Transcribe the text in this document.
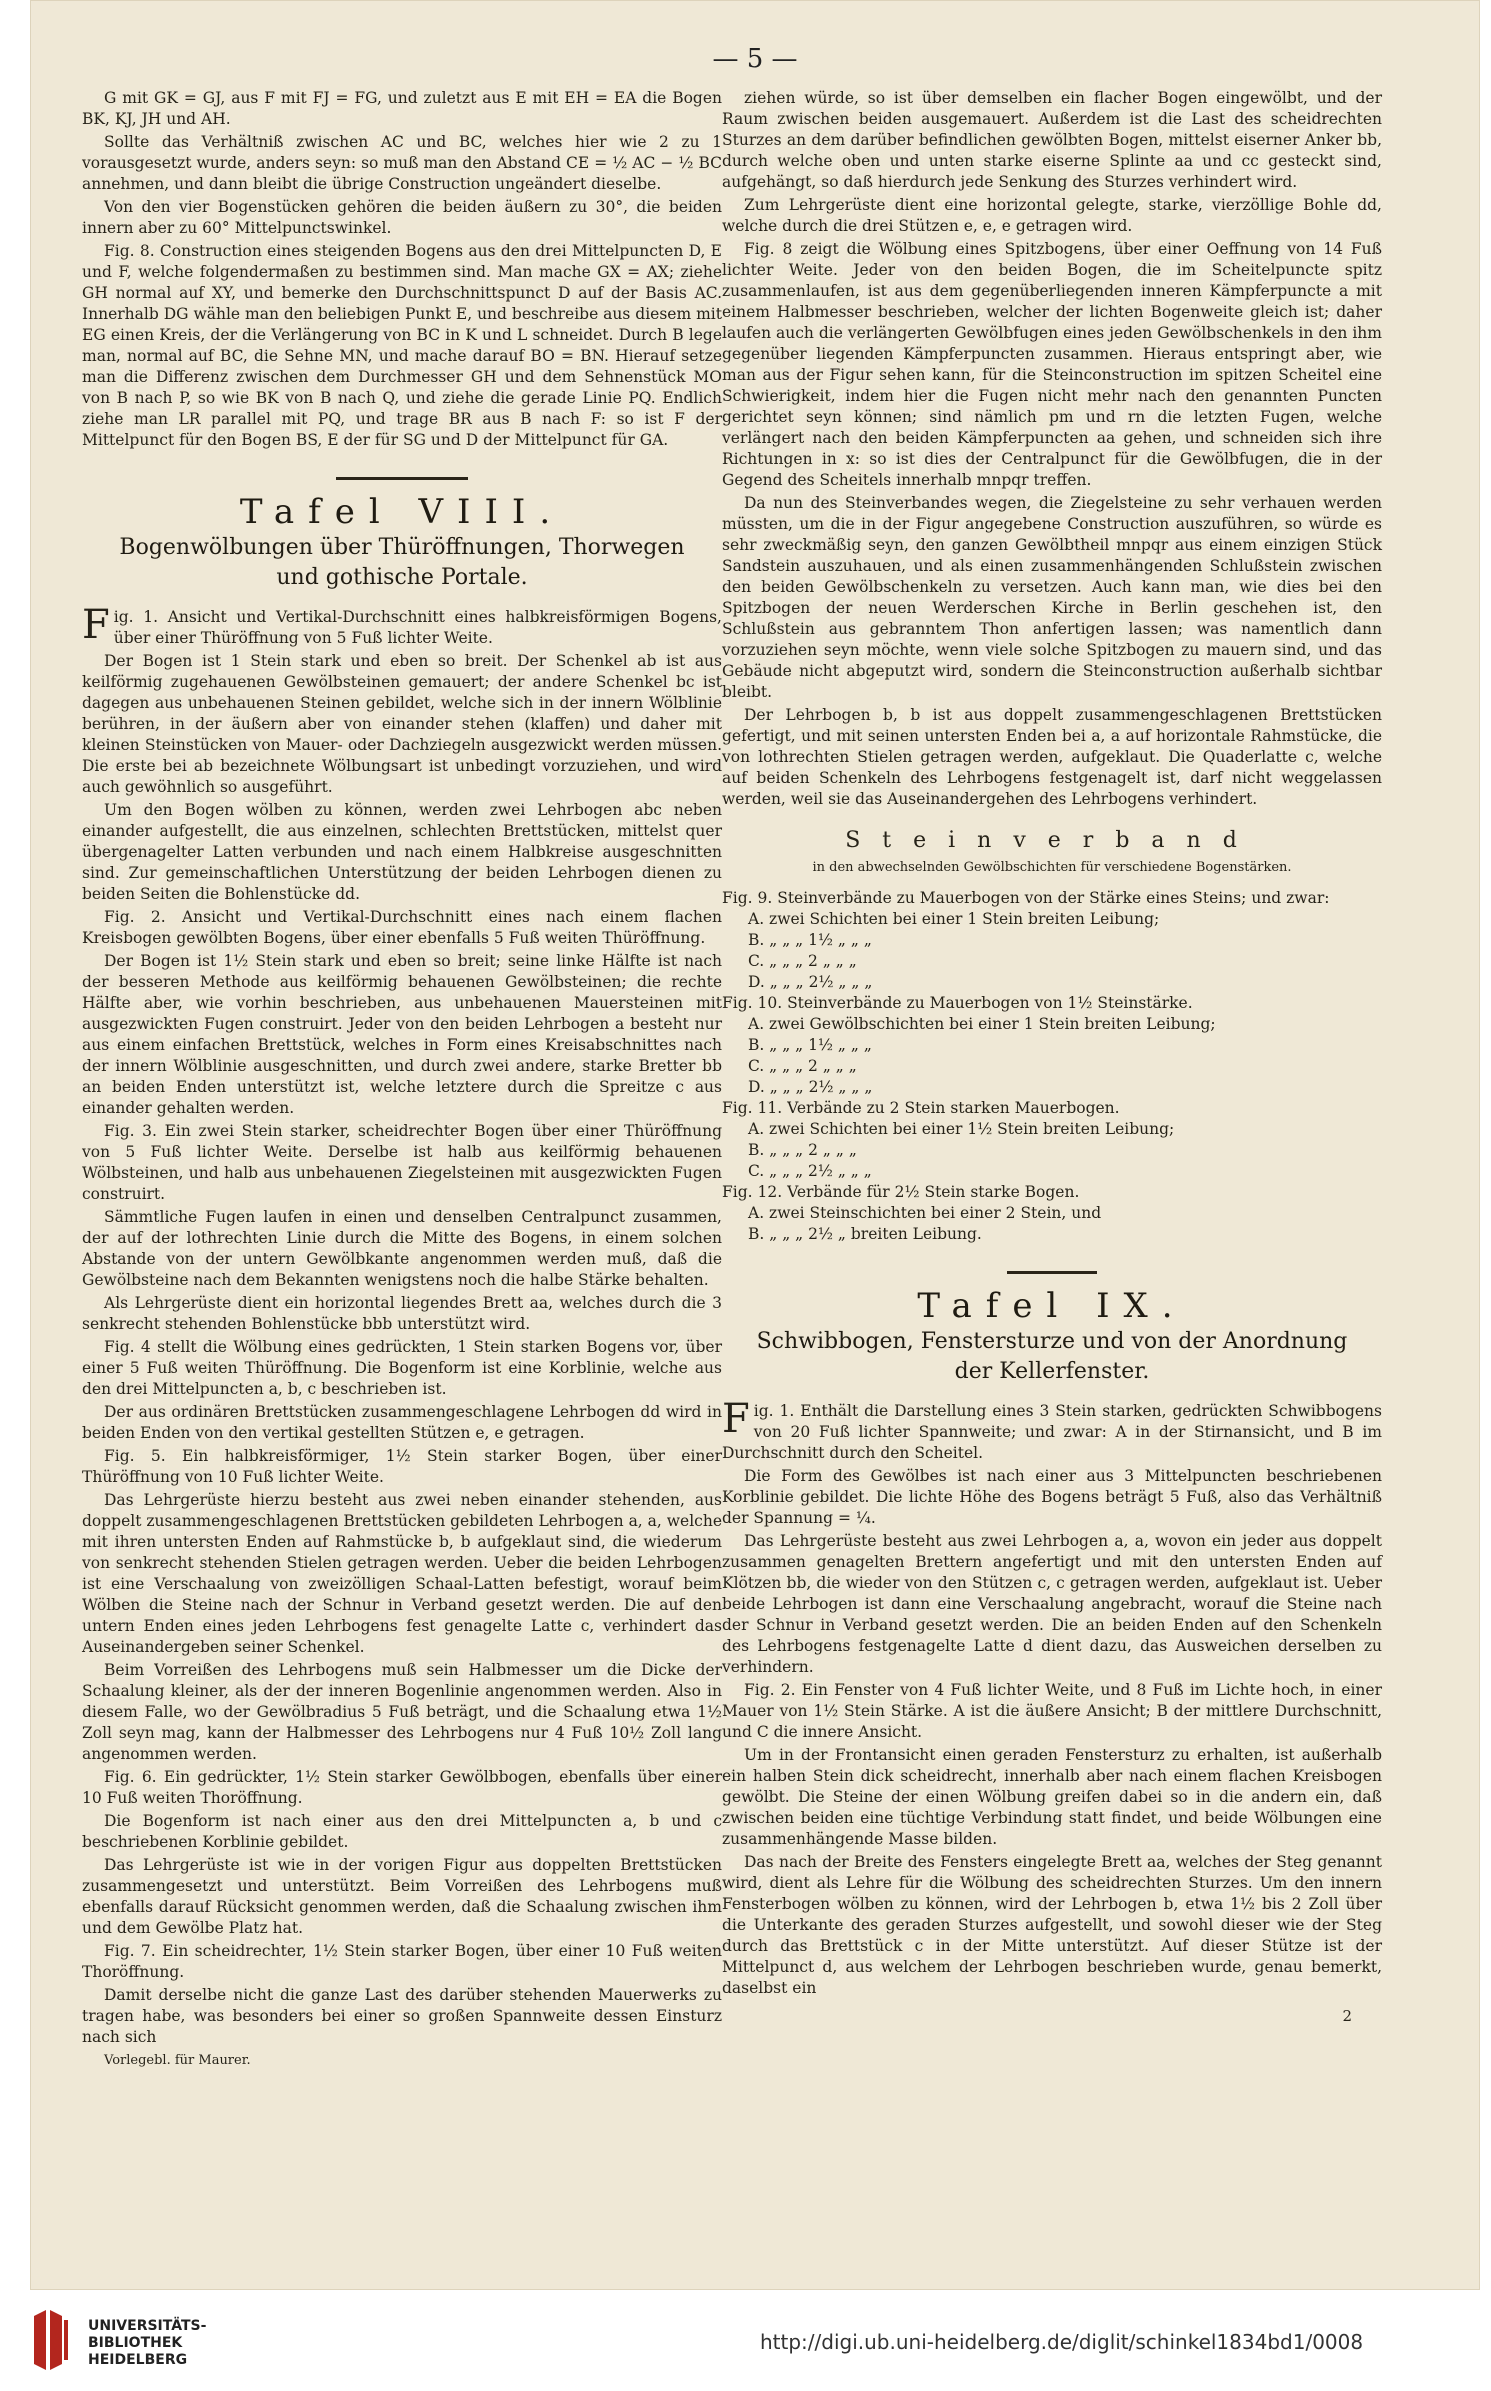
— 5 —

G mit GK = GJ, aus F mit FJ = FG, und zuletzt aus E mit EH = EA die Bogen BK, KJ, JH und AH.

Sollte das Verhältniß zwischen AC und BC, welches hier wie 2 zu 1 vorausgesetzt wurde, anders seyn: so muß man den Abstand CE = ½ AC − ½ BC annehmen, und dann bleibt die übrige Construction ungeändert dieselbe.

Von den vier Bogenstücken gehören die beiden äußern zu 30°, die beiden innern aber zu 60° Mittelpunctswinkel.

Fig. 8. Construction eines steigenden Bogens aus den drei Mittelpuncten D, E und F, welche folgendermaßen zu bestimmen sind. Man mache GX = AX; ziehe GH normal auf XY, und bemerke den Durchschnittspunct D auf der Basis AC. Innerhalb DG wähle man den beliebigen Punkt E, und beschreibe aus diesem mit EG einen Kreis, der die Verlängerung von BC in K und L schneidet. Durch B lege man, normal auf BC, die Sehne MN, und mache darauf BO = BN. Hierauf setze man die Differenz zwischen dem Durchmesser GH und dem Sehnenstück MO von B nach P, so wie BK von B nach Q, und ziehe die gerade Linie PQ. Endlich ziehe man LR parallel mit PQ, und trage BR aus B nach F: so ist F der Mittelpunct für den Bogen BS, E der für SG und D der Mittelpunct für GA.

Tafel VIII.
Bogenwölbungen über Thüröffnungen, Thorwegen und gothische Portale.

Fig. 1. Ansicht und Vertikal-Durchschnitt eines halbkreisförmigen Bogens, über einer Thüröffnung von 5 Fuß lichter Weite.

Der Bogen ist 1 Stein stark und eben so breit. Der Schenkel ab ist aus keilförmig zugehauenen Gewölbsteinen gemauert; der andere Schenkel bc ist dagegen aus unbehauenen Steinen gebildet, welche sich in der innern Wölblinie berühren, in der äußern aber von einander stehen (klaffen) und daher mit kleinen Steinstücken von Mauer- oder Dachziegeln ausgezwickt werden müssen. Die erste bei ab bezeichnete Wölbungsart ist unbedingt vorzuziehen, und wird auch gewöhnlich so ausgeführt.

Um den Bogen wölben zu können, werden zwei Lehrbogen abc neben einander aufgestellt, die aus einzelnen, schlechten Brettstücken, mittelst quer übergenagelter Latten verbunden und nach einem Halbkreise ausgeschnitten sind. Zur gemeinschaftlichen Unterstützung der beiden Lehrbogen dienen zu beiden Seiten die Bohlenstücke dd.

Fig. 2. Ansicht und Vertikal-Durchschnitt eines nach einem flachen Kreisbogen gewölbten Bogens, über einer ebenfalls 5 Fuß weiten Thüröffnung.

Der Bogen ist 1½ Stein stark und eben so breit; seine linke Hälfte ist nach der besseren Methode aus keilförmig behauenen Gewölbsteinen; die rechte Hälfte aber, wie vorhin beschrieben, aus unbehauenen Mauersteinen mit ausgezwickten Fugen construirt. Jeder von den beiden Lehrbogen a besteht nur aus einem einfachen Brettstück, welches in Form eines Kreisabschnittes nach der innern Wölblinie ausgeschnitten, und durch zwei andere, starke Bretter bb an beiden Enden unterstützt ist, welche letztere durch die Spreitze c aus einander gehalten werden.

Fig. 3. Ein zwei Stein starker, scheidrechter Bogen über einer Thüröffnung von 5 Fuß lichter Weite. Derselbe ist halb aus keilförmig behauenen Wölbsteinen, und halb aus unbehauenen Ziegelsteinen mit ausgezwickten Fugen construirt.

Sämmtliche Fugen laufen in einen und denselben Centralpunct zusammen, der auf der lothrechten Linie durch die Mitte des Bogens, in einem solchen Abstande von der untern Gewölbkante angenommen werden muß, daß die Gewölbsteine nach dem Bekannten wenigstens noch die halbe Stärke behalten.

Als Lehrgerüste dient ein horizontal liegendes Brett aa, welches durch die 3 senkrecht stehenden Bohlenstücke bbb unterstützt wird.

Fig. 4 stellt die Wölbung eines gedrückten, 1 Stein starken Bogens vor, über einer 5 Fuß weiten Thüröffnung. Die Bogenform ist eine Korblinie, welche aus den drei Mittelpuncten a, b, c beschrieben ist.

Der aus ordinären Brettstücken zusammengeschlagene Lehrbogen dd wird in beiden Enden von den vertikal gestellten Stützen e, e getragen.

Fig. 5. Ein halbkreisförmiger, 1½ Stein starker Bogen, über einer Thüröffnung von 10 Fuß lichter Weite.

Das Lehrgerüste hierzu besteht aus zwei neben einander stehenden, aus doppelt zusammengeschlagenen Brettstücken gebildeten Lehrbogen a, a, welche mit ihren untersten Enden auf Rahmstücke b, b aufgeklaut sind, die wiederum von senkrecht stehenden Stielen getragen werden. Ueber die beiden Lehrbogen ist eine Verschaalung von zweizölligen Schaal-Latten befestigt, worauf beim Wölben die Steine nach der Schnur in Verband gesetzt werden. Die auf den untern Enden eines jeden Lehrbogens fest genagelte Latte c, verhindert das Auseinandergeben seiner Schenkel.

Beim Vorreißen des Lehrbogens muß sein Halbmesser um die Dicke der Schaalung kleiner, als der der inneren Bogenlinie angenommen werden. Also in diesem Falle, wo der Gewölbradius 5 Fuß beträgt, und die Schaalung etwa 1½ Zoll seyn mag, kann der Halbmesser des Lehrbogens nur 4 Fuß 10½ Zoll lang angenommen werden.

Fig. 6. Ein gedrückter, 1½ Stein starker Gewölbbogen, ebenfalls über einer 10 Fuß weiten Thoröffnung.

Die Bogenform ist nach einer aus den drei Mittelpuncten a, b und c beschriebenen Korblinie gebildet.

Das Lehrgerüste ist wie in der vorigen Figur aus doppelten Brettstücken zusammengesetzt und unterstützt. Beim Vorreißen des Lehrbogens muß ebenfalls darauf Rücksicht genommen werden, daß die Schaalung zwischen ihm und dem Gewölbe Platz hat.

Fig. 7. Ein scheidrechter, 1½ Stein starker Bogen, über einer 10 Fuß weiten Thoröffnung.

Damit derselbe nicht die ganze Last des darüber stehenden Mauerwerks zu tragen habe, was besonders bei einer so großen Spannweite dessen Einsturz nach sich

Vorlegebl. für Maurer.

ziehen würde, so ist über demselben ein flacher Bogen eingewölbt, und der Raum zwischen beiden ausgemauert. Außerdem ist die Last des scheidrechten Sturzes an dem darüber befindlichen gewölbten Bogen, mittelst eiserner Anker bb, durch welche oben und unten starke eiserne Splinte aa und cc gesteckt sind, aufgehängt, so daß hierdurch jede Senkung des Sturzes verhindert wird.

Zum Lehrgerüste dient eine horizontal gelegte, starke, vierzöllige Bohle dd, welche durch die drei Stützen e, e, e getragen wird.

Fig. 8 zeigt die Wölbung eines Spitzbogens, über einer Oeffnung von 14 Fuß lichter Weite. Jeder von den beiden Bogen, die im Scheitelpuncte spitz zusammenlaufen, ist aus dem gegenüberliegenden inneren Kämpferpuncte a mit einem Halbmesser beschrieben, welcher der lichten Bogenweite gleich ist; daher laufen auch die verlängerten Gewölbfugen eines jeden Gewölbschenkels in den ihm gegenüber liegenden Kämpferpuncten zusammen. Hieraus entspringt aber, wie man aus der Figur sehen kann, für die Steinconstruction im spitzen Scheitel eine Schwierigkeit, indem hier die Fugen nicht mehr nach den genannten Puncten gerichtet seyn können; sind nämlich pm und rn die letzten Fugen, welche verlängert nach den beiden Kämpferpuncten aa gehen, und schneiden sich ihre Richtungen in x: so ist dies der Centralpunct für die Gewölbfugen, die in der Gegend des Scheitels innerhalb mnpqr treffen.

Da nun des Steinverbandes wegen, die Ziegelsteine zu sehr verhauen werden müssten, um die in der Figur angegebene Construction auszuführen, so würde es sehr zweckmäßig seyn, den ganzen Gewölbtheil mnpqr aus einem einzigen Stück Sandstein auszuhauen, und als einen zusammenhängenden Schlußstein zwischen den beiden Gewölbschenkeln zu versetzen. Auch kann man, wie dies bei den Spitzbogen der neuen Werderschen Kirche in Berlin geschehen ist, den Schlußstein aus gebranntem Thon anfertigen lassen; was namentlich dann vorzuziehen seyn möchte, wenn viele solche Spitzbogen zu mauern sind, und das Gebäude nicht abgeputzt wird, sondern die Steinconstruction außerhalb sichtbar bleibt.

Der Lehrbogen b, b ist aus doppelt zusammengeschlagenen Brettstücken gefertigt, und mit seinen untersten Enden bei a, a auf horizontale Rahmstücke, die von lothrechten Stielen getragen werden, aufgeklaut. Die Quaderlatte c, welche auf beiden Schenkeln des Lehrbogens festgenagelt ist, darf nicht weggelassen werden, weil sie das Auseinandergehen des Lehrbogens verhindert.

Steinverband
in den abwechselnden Gewölbschichten für verschiedene Bogenstärken.

Fig. 9. Steinverbände zu Mauerbogen von der Stärke eines Steins; und zwar:

A. zwei Schichten bei einer 1 Stein breiten Leibung;

B. „ „ „ 1½ „ „ „

C. „ „ „ 2 „ „ „

D. „ „ „ 2½ „ „ „

Fig. 10. Steinverbände zu Mauerbogen von 1½ Steinstärke.

A. zwei Gewölbschichten bei einer 1 Stein breiten Leibung;

B. „ „ „ 1½ „ „ „

C. „ „ „ 2 „ „ „

D. „ „ „ 2½ „ „ „

Fig. 11. Verbände zu 2 Stein starken Mauerbogen.

A. zwei Schichten bei einer 1½ Stein breiten Leibung;

B. „ „ „ 2 „ „ „

C. „ „ „ 2½ „ „ „

Fig. 12. Verbände für 2½ Stein starke Bogen.

A. zwei Steinschichten bei einer 2 Stein, und

B. „ „ „ 2½ „ breiten Leibung.

Tafel IX.
Schwibbogen, Fenstersturze und von der Anordnung der Kellerfenster.

Fig. 1. Enthält die Darstellung eines 3 Stein starken, gedrückten Schwibbogens von 20 Fuß lichter Spannweite; und zwar: A in der Stirnansicht, und B im Durchschnitt durch den Scheitel.

Die Form des Gewölbes ist nach einer aus 3 Mittelpuncten beschriebenen Korblinie gebildet. Die lichte Höhe des Bogens beträgt 5 Fuß, also das Verhältniß der Spannung = ¼.

Das Lehrgerüste besteht aus zwei Lehrbogen a, a, wovon ein jeder aus doppelt zusammen genagelten Brettern angefertigt und mit den untersten Enden auf Klötzen bb, die wieder von den Stützen c, c getragen werden, aufgeklaut ist. Ueber beide Lehrbogen ist dann eine Verschaalung angebracht, worauf die Steine nach der Schnur in Verband gesetzt werden. Die an beiden Enden auf den Schenkeln des Lehrbogens festgenagelte Latte d dient dazu, das Ausweichen derselben zu verhindern.

Fig. 2. Ein Fenster von 4 Fuß lichter Weite, und 8 Fuß im Lichte hoch, in einer Mauer von 1½ Stein Stärke. A ist die äußere Ansicht; B der mittlere Durchschnitt, und C die innere Ansicht.

Um in der Frontansicht einen geraden Fenstersturz zu erhalten, ist außerhalb ein halben Stein dick scheidrecht, innerhalb aber nach einem flachen Kreisbogen gewölbt. Die Steine der einen Wölbung greifen dabei so in die andern ein, daß zwischen beiden eine tüchtige Verbindung statt findet, und beide Wölbungen eine zusammenhängende Masse bilden.

Das nach der Breite des Fensters eingelegte Brett aa, welches der Steg genannt wird, dient als Lehre für die Wölbung des scheidrechten Sturzes. Um den innern Fensterbogen wölben zu können, wird der Lehrbogen b, etwa 1½ bis 2 Zoll über die Unterkante des geraden Sturzes aufgestellt, und sowohl dieser wie der Steg durch das Brettstück c in der Mitte unterstützt. Auf dieser Stütze ist der Mittelpunct d, aus welchem der Lehrbogen beschrieben wurde, genau bemerkt, daselbst ein

2
UNIVERSITÄTS-
BIBLIOTHEK
HEIDELBERG
http://digi.ub.uni-heidelberg.de/diglit/schinkel1834bd1/0008
